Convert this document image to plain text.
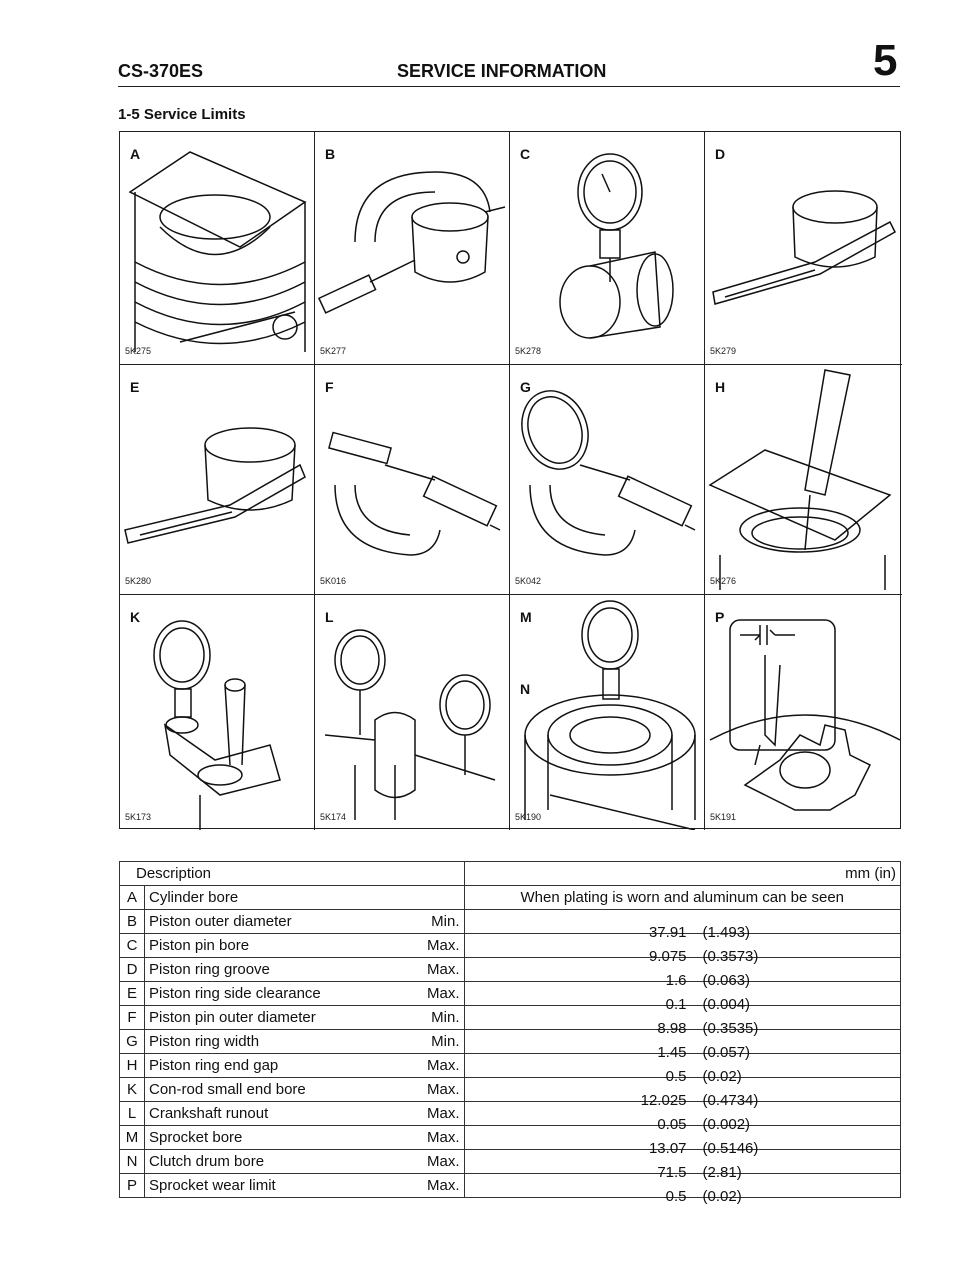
CS-370ES	SERVICE INFORMATION	5
1-5 Service Limits
A
5K275
B
5K277
C
5K278
D
5K279
E
5K280
F
5K016
G
5K042
H
5K276
K
5K173
L
5K174
M
N
5K190
P
5K191
Description			mm (in)
A	Cylinder bore		When plating is worn and aluminum can be seen
B	Piston outer diameter	Min.	37.91 (1.493)

C	Piston pin bore	Max.	9.075 (0.3573)

D	Piston ring groove	Max.	1.6 (0.063)

E	Piston ring side clearance	Max.	0.1 (0.004)

F	Piston pin outer diameter	Min.	8.98 (0.3535)

G	Piston ring width	Min.	1.45 (0.057)

H	Piston ring end gap	Max.	0.5 (0.02)

K	Con-rod small end bore	Max.	12.025 (0.4734)

L	Crankshaft runout	Max.	0.05 (0.002)

M	Sprocket bore	Max.	13.07 (0.5146)

N	Clutch drum bore	Max.	71.5 (2.81)

P	Sprocket wear limit	Max.	0.5 (0.02)
